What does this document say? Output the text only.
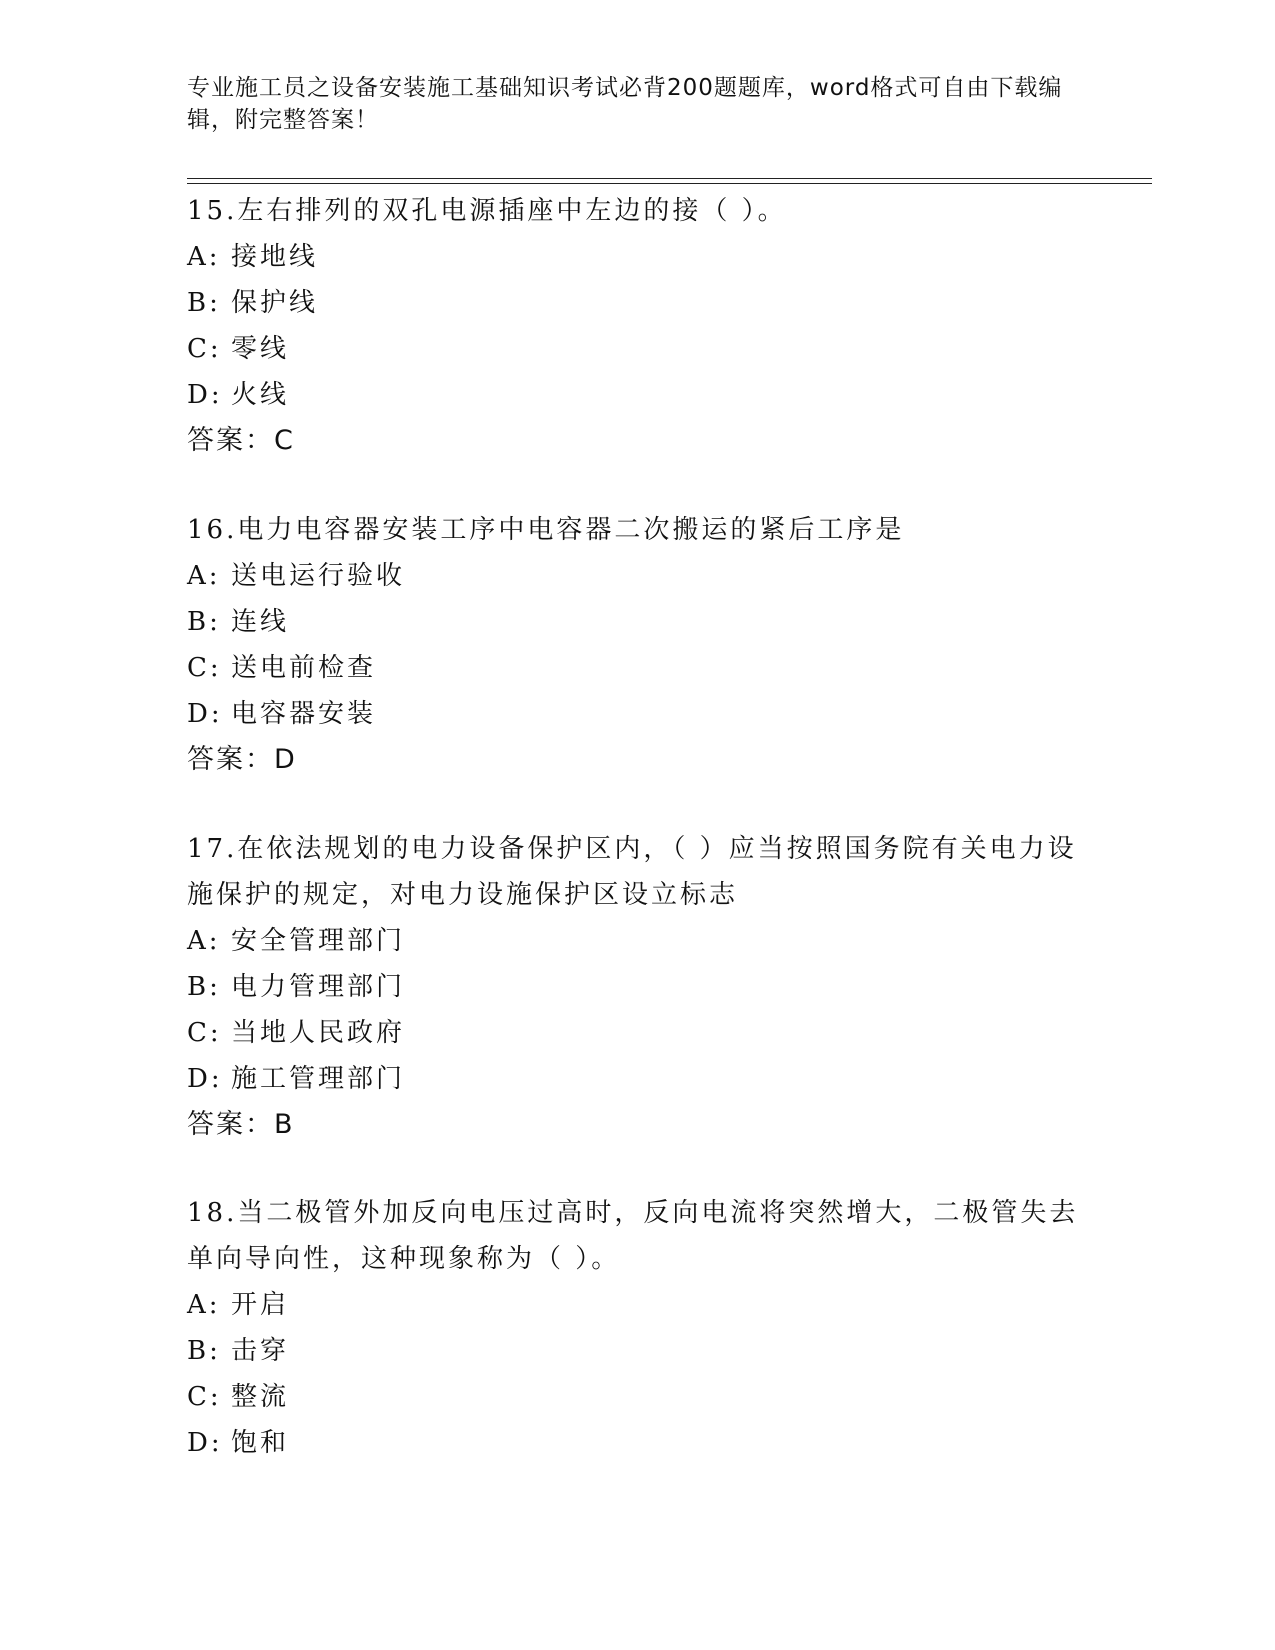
专业施工员之设备安装施工基础知识考试必背200题题库，word格式可自由下载编辑，附完整答案！

15.左右排列的双孔电源插座中左边的接（ ）。

A: 接地线
B: 保护线
C: 零线
D: 火线
答案：C

16.电力电容器安装工序中电容器二次搬运的紧后工序是

A: 送电运行验收
B: 连线
C: 送电前检查
D: 电容器安装
答案：D

17.在依法规划的电力设备保护区内，（ ）应当按照国务院有关电力设施保护的规定，对电力设施保护区设立标志

A: 安全管理部门
B: 电力管理部门
C: 当地人民政府
D: 施工管理部门
答案：B

18.当二极管外加反向电压过高时，反向电流将突然增大，二极管失去单向导向性，这种现象称为（ ）。

A: 开启
B: 击穿
C: 整流
D: 饱和
